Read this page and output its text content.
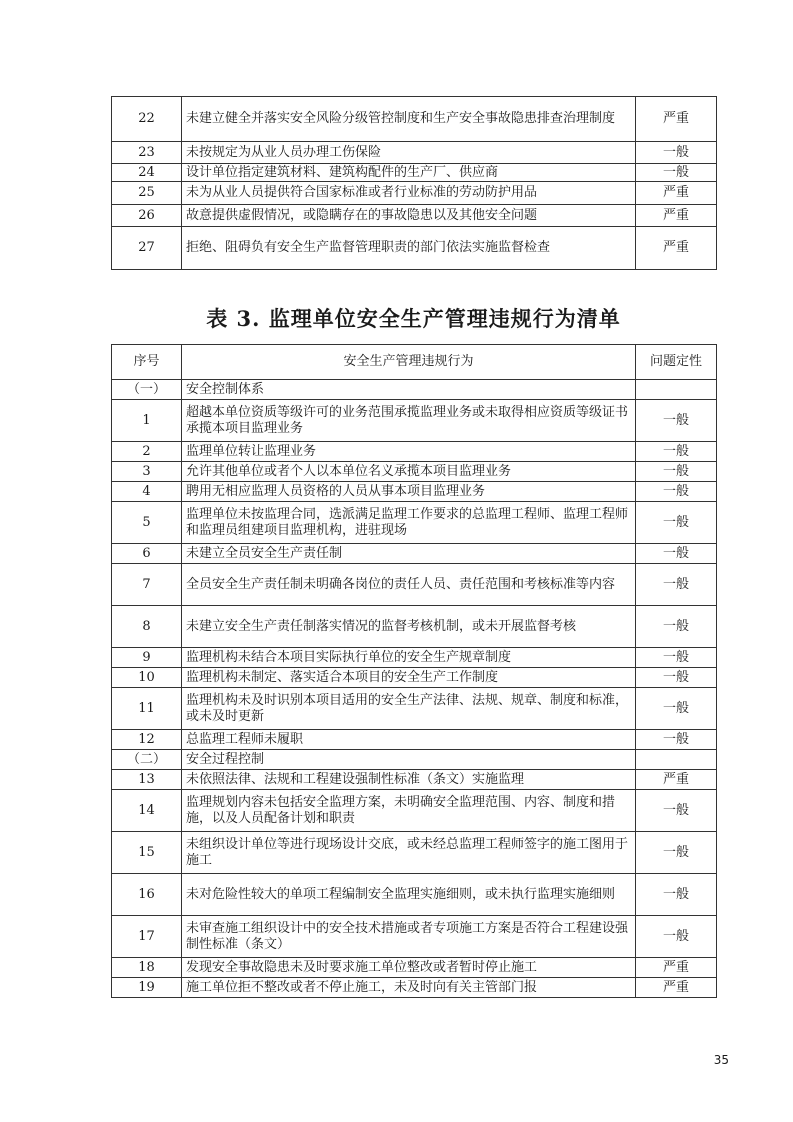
22	未建立健全并落实安全风险分级管控制度和生产安全事故隐患排查治理制度	严重
23	未按规定为从业人员办理工伤保险	一般
24	设计单位指定建筑材料、建筑构配件的生产厂、供应商	一般
25	未为从业人员提供符合国家标准或者行业标准的劳动防护用品	严重
26	故意提供虚假情况，或隐瞒存在的事故隐患以及其他安全问题	严重
27	拒绝、阻碍负有安全生产监督管理职责的部门依法实施监督检查	严重
表 3. 监理单位安全生产管理违规行为清单
序号	安全生产管理违规行为	问题定性
（一）	安全控制体系	
1	超越本单位资质等级许可的业务范围承揽监理业务或未取得相应资质等级证书承揽本项目监理业务	一般
2	监理单位转让监理业务	一般
3	允许其他单位或者个人以本单位名义承揽本项目监理业务	一般
4	聘用无相应监理人员资格的人员从事本项目监理业务	一般
5	监理单位未按监理合同，选派满足监理工作要求的总监理工程师、监理工程师和监理员组建项目监理机构，进驻现场	一般
6	未建立全员安全生产责任制	一般
7	全员安全生产责任制未明确各岗位的责任人员、责任范围和考核标准等内容	一般
8	未建立安全生产责任制落实情况的监督考核机制，或未开展监督考核	一般
9	监理机构未结合本项目实际执行单位的安全生产规章制度	一般
10	监理机构未制定、落实适合本项目的安全生产工作制度	一般
11	监理机构未及时识别本项目适用的安全生产法律、法规、规章、制度和标准，或未及时更新	一般
12	总监理工程师未履职	一般
（二）	安全过程控制	
13	未依照法律、法规和工程建设强制性标准（条文）实施监理	严重
14	监理规划内容未包括安全监理方案，未明确安全监理范围、内容、制度和措施，以及人员配备计划和职责	一般
15	未组织设计单位等进行现场设计交底，或未经总监理工程师签字的施工图用于施工	一般
16	未对危险性较大的单项工程编制安全监理实施细则，或未执行监理实施细则	一般
17	未审查施工组织设计中的安全技术措施或者专项施工方案是否符合工程建设强制性标准（条文）	一般
18	发现安全事故隐患未及时要求施工单位整改或者暂时停止施工	严重
19	施工单位拒不整改或者不停止施工，未及时向有关主管部门报	严重
35
